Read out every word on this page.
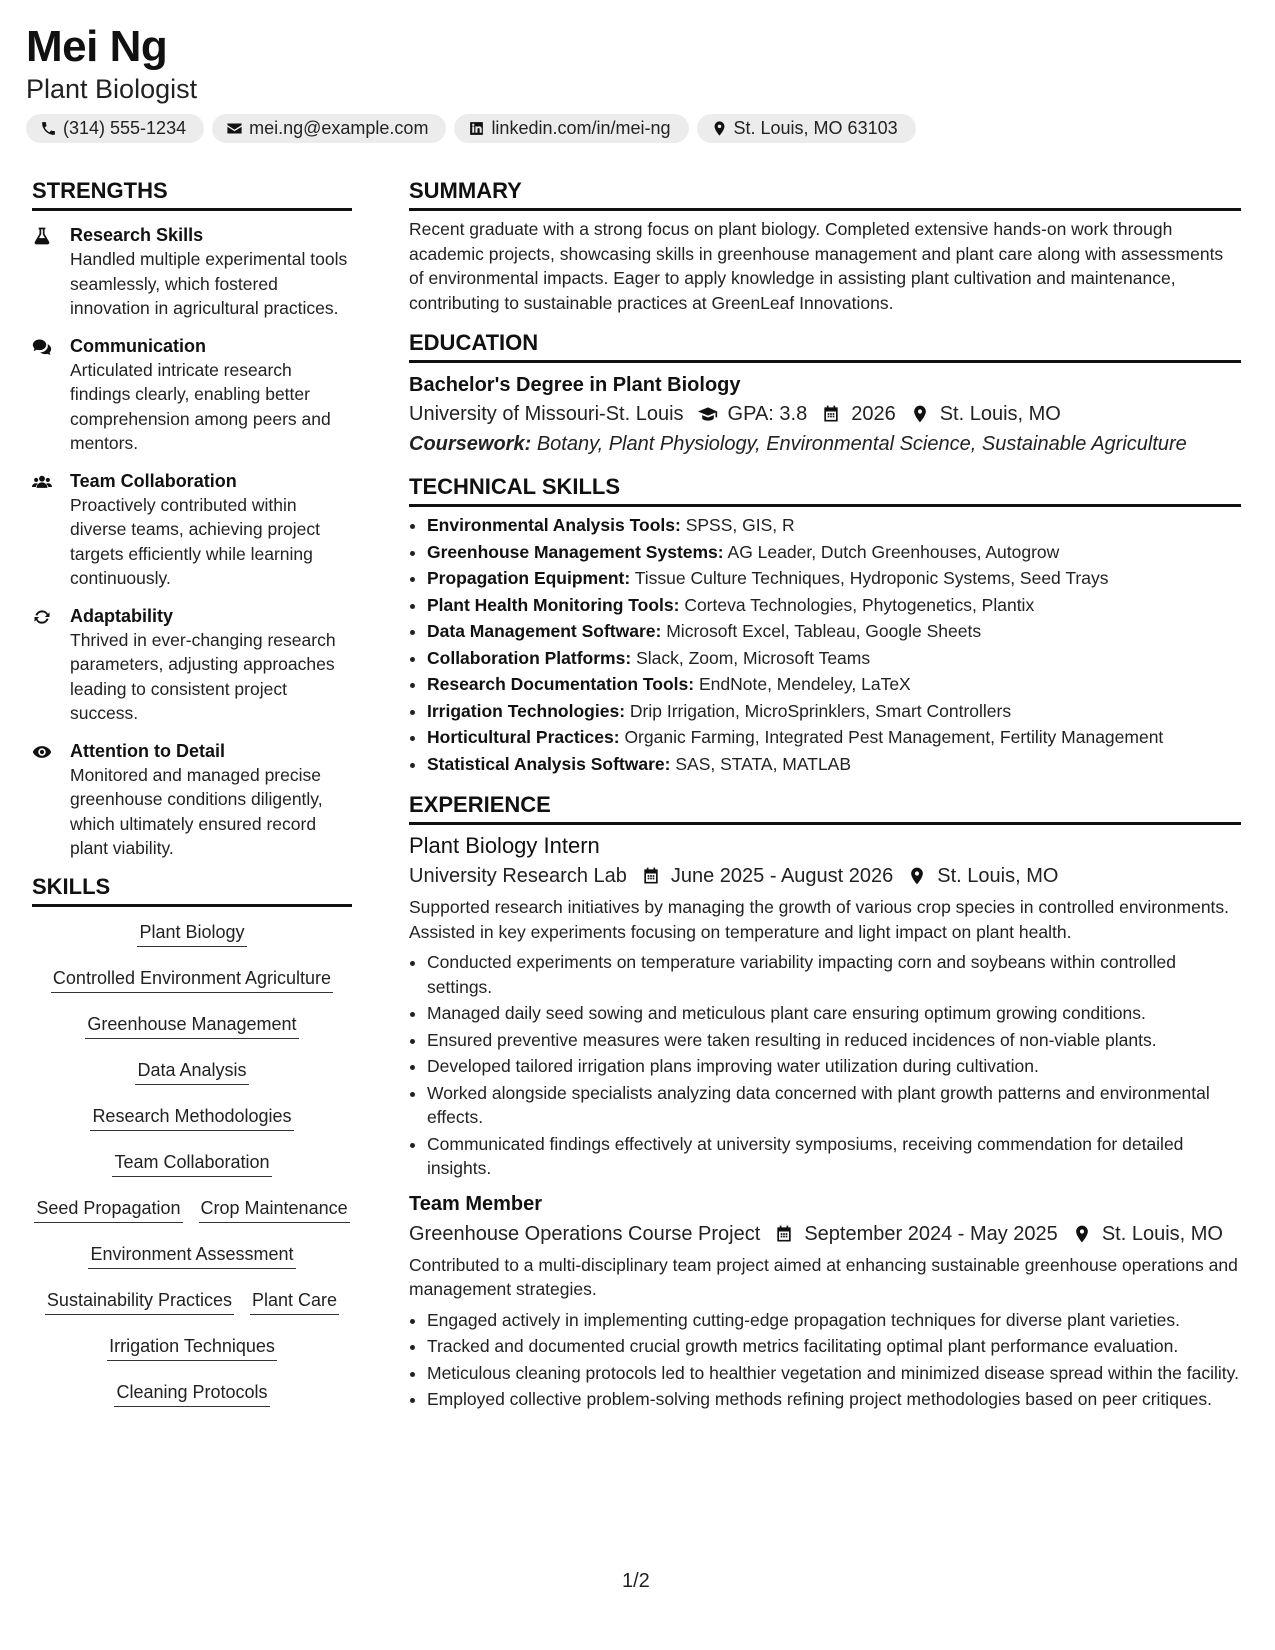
Mei Ng
Plant Biologist
(314) 555-1234	mei.ng@example.com	linkedin.com/in/mei-ng	St. Louis, MO 63103
STRENGTHS
Research Skills
Handled multiple experimental tools seamlessly, which fostered innovation in agricultural practices.
Communication
Articulated intricate research findings clearly, enabling better comprehension among peers and mentors.
Team Collaboration
Proactively contributed within diverse teams, achieving project targets efficiently while learning continuously.
Adaptability
Thrived in ever-changing research parameters, adjusting approaches leading to consistent project success.
Attention to Detail
Monitored and managed precise greenhouse conditions diligently, which ultimately ensured record plant viability.
SKILLS
Plant Biology
Controlled Environment Agriculture
Greenhouse Management
Data Analysis
Research Methodologies
Team Collaboration
Seed Propagation Crop Maintenance
Environment Assessment
Sustainability Practices Plant Care
Irrigation Techniques
Cleaning Protocols
SUMMARY

Recent graduate with a strong focus on plant biology. Completed extensive hands-on work through academic projects, showcasing skills in greenhouse management and plant care along with assessments of environmental impacts. Eager to apply knowledge in assisting plant cultivation and maintenance, contributing to sustainable practices at GreenLeaf Innovations.

EDUCATION
Bachelor's Degree in Plant Biology
University of Missouri-St. Louis GPA: 3.8 2026 St. Louis, MO
Coursework: Botany, Plant Physiology, Environmental Science, Sustainable Agriculture
TECHNICAL SKILLS
• Environmental Analysis Tools: SPSS, GIS, R
• Greenhouse Management Systems: AG Leader, Dutch Greenhouses, Autogrow
• Propagation Equipment: Tissue Culture Techniques, Hydroponic Systems, Seed Trays
• Plant Health Monitoring Tools: Corteva Technologies, Phytogenetics, Plantix
• Data Management Software: Microsoft Excel, Tableau, Google Sheets
• Collaboration Platforms: Slack, Zoom, Microsoft Teams
• Research Documentation Tools: EndNote, Mendeley, LaTeX
• Irrigation Technologies: Drip Irrigation, MicroSprinklers, Smart Controllers
• Horticultural Practices: Organic Farming, Integrated Pest Management, Fertility Management
• Statistical Analysis Software: SAS, STATA, MATLAB
EXPERIENCE
Plant Biology Intern
University Research Lab June 2025 - August 2026 St. Louis, MO
Supported research initiatives by managing the growth of various crop species in controlled environments. Assisted in key experiments focusing on temperature and light impact on plant health.
• Conducted experiments on temperature variability impacting corn and soybeans within controlled settings.
• Managed daily seed sowing and meticulous plant care ensuring optimum growing conditions.
• Ensured preventive measures were taken resulting in reduced incidences of non-viable plants.
• Developed tailored irrigation plans improving water utilization during cultivation.
• Worked alongside specialists analyzing data concerned with plant growth patterns and environmental effects.
• Communicated findings effectively at university symposiums, receiving commendation for detailed insights.
Team Member
Greenhouse Operations Course Project September 2024 - May 2025 St. Louis, MO
Contributed to a multi-disciplinary team project aimed at enhancing sustainable greenhouse operations and management strategies.
• Engaged actively in implementing cutting-edge propagation techniques for diverse plant varieties.
• Tracked and documented crucial growth metrics facilitating optimal plant performance evaluation.
• Meticulous cleaning protocols led to healthier vegetation and minimized disease spread within the facility.
• Employed collective problem-solving methods refining project methodologies based on peer critiques.
1/2
